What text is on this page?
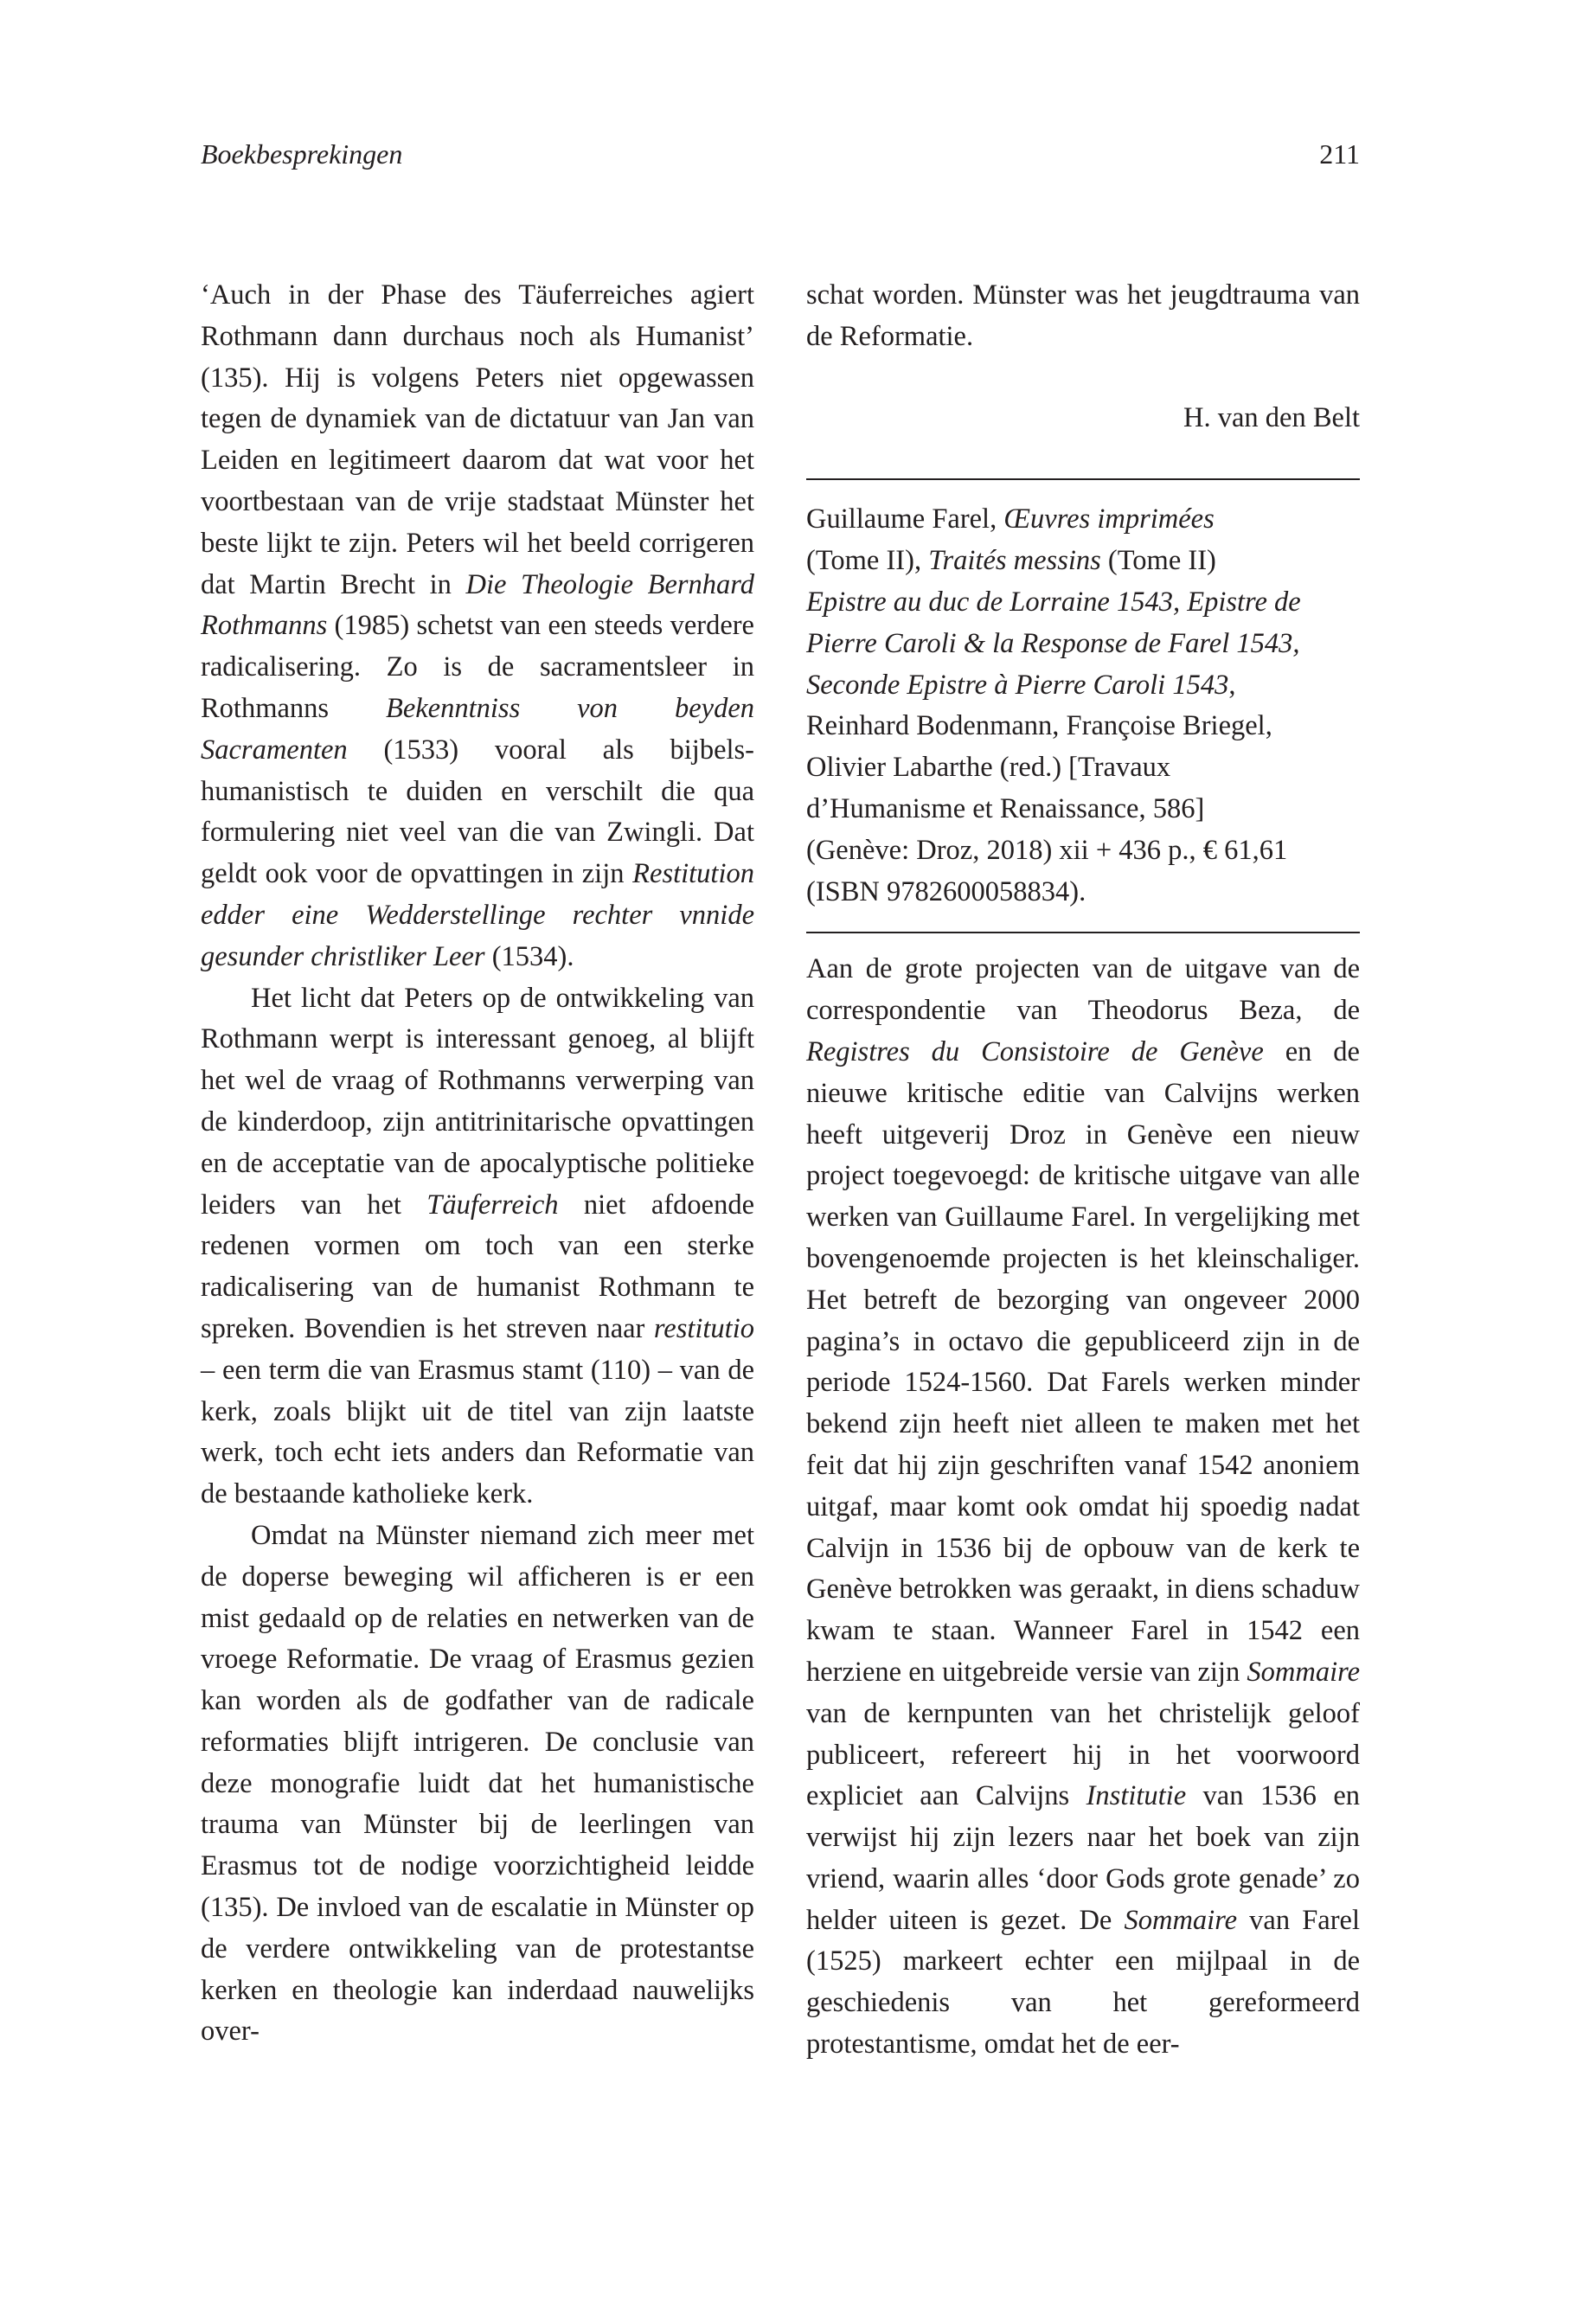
Boekbesprekingen	211

‘Auch in der Phase des Täuferreiches agiert Rothmann dann durchaus noch als Humanist’ (135). Hij is volgens Peters niet opgewassen tegen de dynamiek van de dictatuur van Jan van Leiden en legitimeert daarom dat wat voor het voortbestaan van de vrije stadstaat Münster het beste lijkt te zijn. Peters wil het beeld corrigeren dat Martin Brecht in Die Theologie Bernhard Rothmanns (1985) schetst van een steeds verdere radicalisering. Zo is de sacramentsleer in Rothmanns Bekenntniss von beyden Sacramenten (1533) vooral als bijbels-humanistisch te duiden en verschilt die qua formulering niet veel van die van Zwingli. Dat geldt ook voor de opvattingen in zijn Restitution edder eine Wedderstellinge rechter vnnide gesunder christliker Leer (1534).

Het licht dat Peters op de ontwikkeling van Rothmann werpt is interessant genoeg, al blijft het wel de vraag of Rothmanns verwerping van de kinderdoop, zijn antitrinitarische opvattingen en de acceptatie van de apocalyptische politieke leiders van het Täuferreich niet afdoende redenen vormen om toch van een sterke radicalisering van de humanist Rothmann te spreken. Bovendien is het streven naar restitutio – een term die van Erasmus stamt (110) – van de kerk, zoals blijkt uit de titel van zijn laatste werk, toch echt iets anders dan Reformatie van de bestaande katholieke kerk.

Omdat na Münster niemand zich meer met de doperse beweging wil afficheren is er een mist gedaald op de relaties en netwerken van de vroege Reformatie. De vraag of Erasmus gezien kan worden als de godfather van de radicale reformaties blijft intrigeren. De conclusie van deze monografie luidt dat het humanistische trauma van Münster bij de leerlingen van Erasmus tot de nodige voorzichtigheid leidde (135). De invloed van de escalatie in Münster op de verdere ontwikkeling van de protestantse kerken en theologie kan inderdaad nauwelijks over-

schat worden. Münster was het jeugdtrauma van de Reformatie.

H. van den Belt

Guillaume Farel, Œuvres imprimées
(Tome II), Traités messins (Tome II)
Epistre au duc de Lorraine 1543, Epistre de
Pierre Caroli & la Response de Farel 1543,
Seconde Epistre à Pierre Caroli 1543,
Reinhard Bodenmann, Françoise Briegel,
Olivier Labarthe (red.) [Travaux
d’Humanisme et Renaissance, 586]
(Genève: Droz, 2018) xii + 436 p., € 61,61
(ISBN 9782600058834).

Aan de grote projecten van de uitgave van de correspondentie van Theodorus Beza, de Registres du Consistoire de Genève en de nieuwe kritische editie van Calvijns werken heeft uitgeverij Droz in Genève een nieuw project toegevoegd: de kritische uitgave van alle werken van Guillaume Farel. In vergelijking met bovengenoemde projecten is het kleinschaliger. Het betreft de bezorging van ongeveer 2000 pagina’s in octavo die gepubliceerd zijn in de periode 1524-1560. Dat Farels werken minder bekend zijn heeft niet alleen te maken met het feit dat hij zijn geschriften vanaf 1542 anoniem uitgaf, maar komt ook omdat hij spoedig nadat Calvijn in 1536 bij de opbouw van de kerk te Genève betrokken was geraakt, in diens schaduw kwam te staan. Wanneer Farel in 1542 een herziene en uitgebreide versie van zijn Sommaire van de kernpunten van het christelijk geloof publiceert, refereert hij in het voorwoord expliciet aan Calvijns Institutie van 1536 en verwijst hij zijn lezers naar het boek van zijn vriend, waarin alles ‘door Gods grote genade’ zo helder uiteen is gezet. De Sommaire van Farel (1525) markeert echter een mijlpaal in de geschiedenis van het gereformeerd protestantisme, omdat het de eer-
